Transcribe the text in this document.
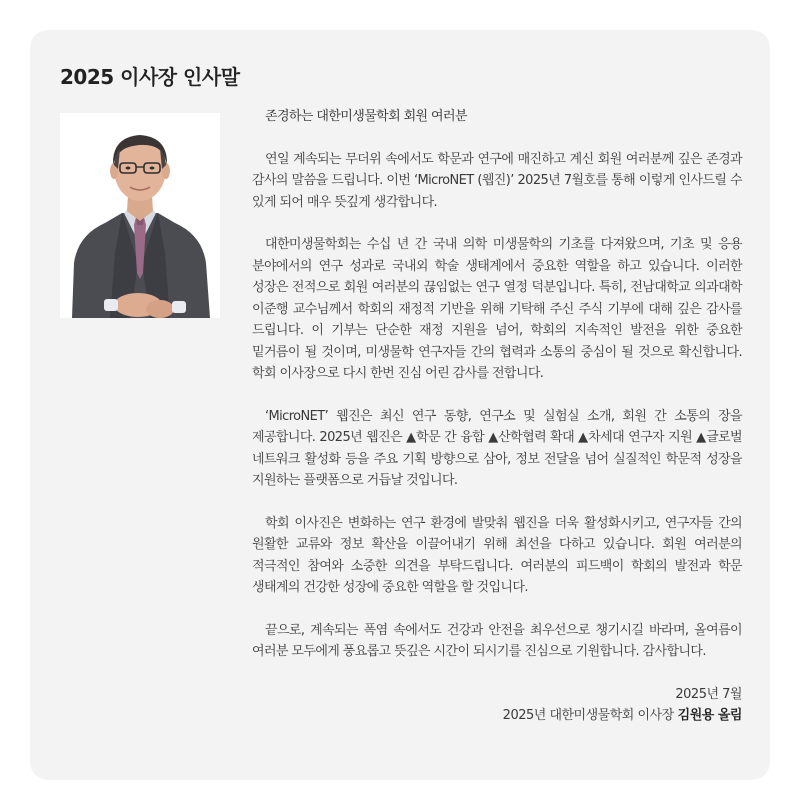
2025 이사장 인사말

존경하는 대한미생물학회 회원 여러분

연일 계속되는 무더위 속에서도 학문과 연구에 매진하고 계신 회원 여러분께 깊은 존경과 감사의 말씀을 드립니다. 이번 ‘MicroNET (웹진)’ 2025년 7월호를 통해 이렇게 인사드릴 수 있게 되어 매우 뜻깊게 생각합니다.

대한미생물학회는 수십 년 간 국내 의학 미생물학의 기초를 다져왔으며, 기초 및 응용 분야에서의 연구 성과로 국내외 학술 생태계에서 중요한 역할을 하고 있습니다. 이러한 성장은 전적으로 회원 여러분의 끊임없는 연구 열정 덕분입니다. 특히, 전남대학교 의과대학 이준행 교수님께서 학회의 재정적 기반을 위해 기탁해 주신 주식 기부에 대해 깊은 감사를 드립니다. 이 기부는 단순한 재정 지원을 넘어, 학회의 지속적인 발전을 위한 중요한 밑거름이 될 것이며, 미생물학 연구자들 간의 협력과 소통의 중심이 될 것으로 확신합니다. 학회 이사장으로 다시 한번 진심 어린 감사를 전합니다.

‘MicroNET’ 웹진은 최신 연구 동향, 연구소 및 실험실 소개, 회원 간 소통의 장을 제공합니다. 2025년 웹진은 ▲학문 간 융합 ▲산학협력 확대 ▲차세대 연구자 지원 ▲글로벌 네트워크 활성화 등을 주요 기획 방향으로 삼아, 정보 전달을 넘어 실질적인 학문적 성장을 지원하는 플랫폼으로 거듭날 것입니다.

학회 이사진은 변화하는 연구 환경에 발맞춰 웹진을 더욱 활성화시키고, 연구자들 간의 원활한 교류와 정보 확산을 이끌어내기 위해 최선을 다하고 있습니다. 회원 여러분의 적극적인 참여와 소중한 의견을 부탁드립니다. 여러분의 피드백이 학회의 발전과 학문 생태계의 건강한 성장에 중요한 역할을 할 것입니다.

끝으로, 계속되는 폭염 속에서도 건강과 안전을 최우선으로 챙기시길 바라며, 올여름이 여러분 모두에게 풍요롭고 뜻깊은 시간이 되시기를 진심으로 기원합니다. 감사합니다.

2025년 7월
2025년 대한미생물학회 이사장 김원용 올림
